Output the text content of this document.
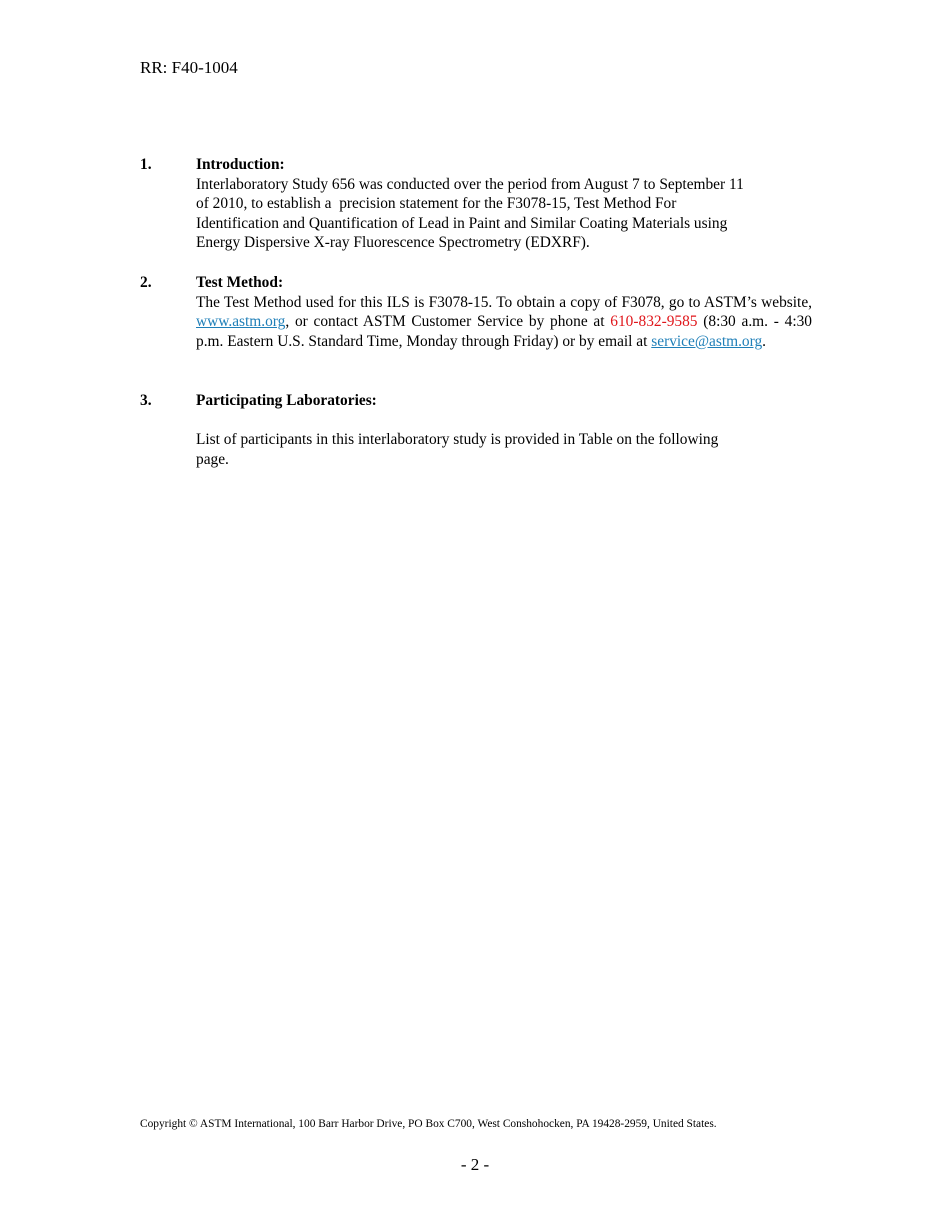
RR: F40-1004
1.	Introduction:
Interlaboratory Study 656 was conducted over the period from August 7 to September 11
of 2010, to establish a  precision statement for the F3078-15, Test Method For
Identification and Quantification of Lead in Paint and Similar Coating Materials using
Energy Dispersive X-ray Fluorescence Spectrometry (EDXRF).
2.	Test Method:
The Test Method used for this ILS is F3078-15. To obtain a copy of F3078, go to ASTM’s website, www.astm.org, or contact ASTM Customer Service by phone at 610-832-9585 (8:30 a.m. - 4:30 p.m. Eastern U.S. Standard Time, Monday through Friday) or by email at service@astm.org.
3.	Participating Laboratories:
List of participants in this interlaboratory study is provided in Table on the following
page.
Copyright © ASTM International, 100 Barr Harbor Drive, PO Box C700, West Conshohocken, PA 19428-2959, United States.
- 2 -
